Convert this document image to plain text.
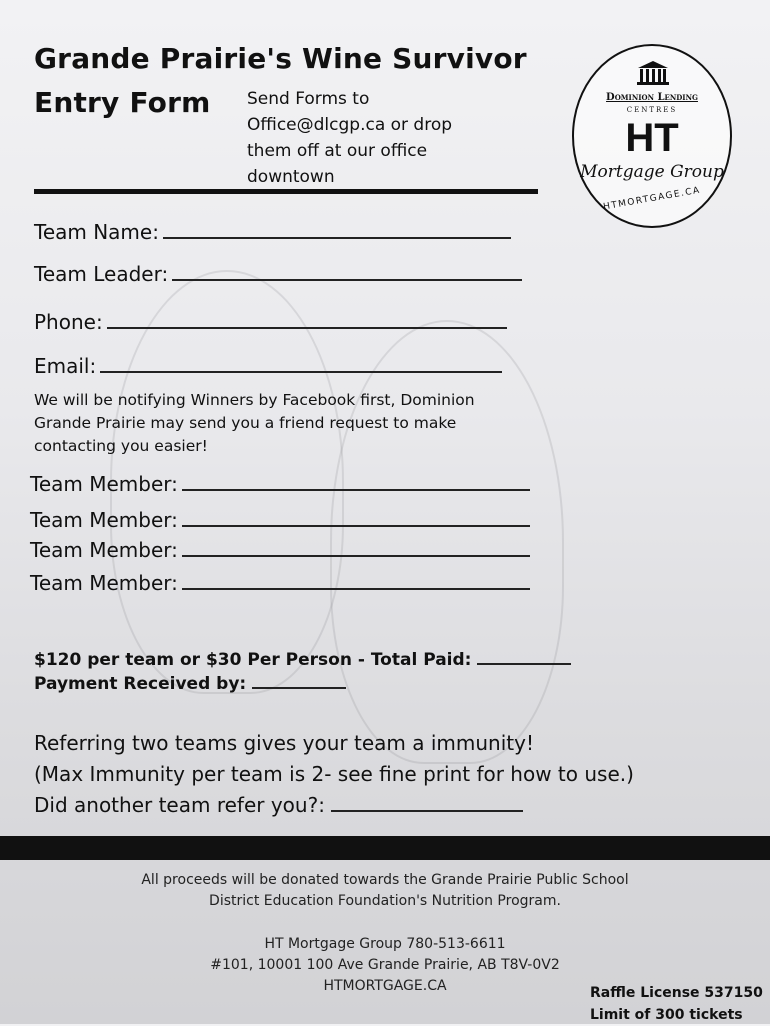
Grande Prairie's Wine Survivor
Entry Form Send Forms to
Office@dlcgp.ca or drop
them off at our office
downtown
Dominion Lending
CENTRES
HT
Mortgage Group
HTMORTGAGE.CA
Team Name:
Team Leader:
Phone:
Email:
We will be notifying Winners by Facebook first, Dominion
Grande Prairie may send you a friend request to make
contacting you easier!
Team Member:
Team Member:
Team Member:
Team Member:
$120 per team or $30 Per Person - Total Paid:
Payment Received by:
Referring two teams gives your team a immunity!
(Max Immunity per team is 2- see fine print for how to use.)
Did another team refer you?:
All proceeds will be donated towards the Grande Prairie Public School
District Education Foundation's Nutrition Program.
HT Mortgage Group 780-513-6611
#101, 10001 100 Ave Grande Prairie, AB T8V-0V2
HTMORTGAGE.CA	Raffle License 537150
Limit of 300 tickets
